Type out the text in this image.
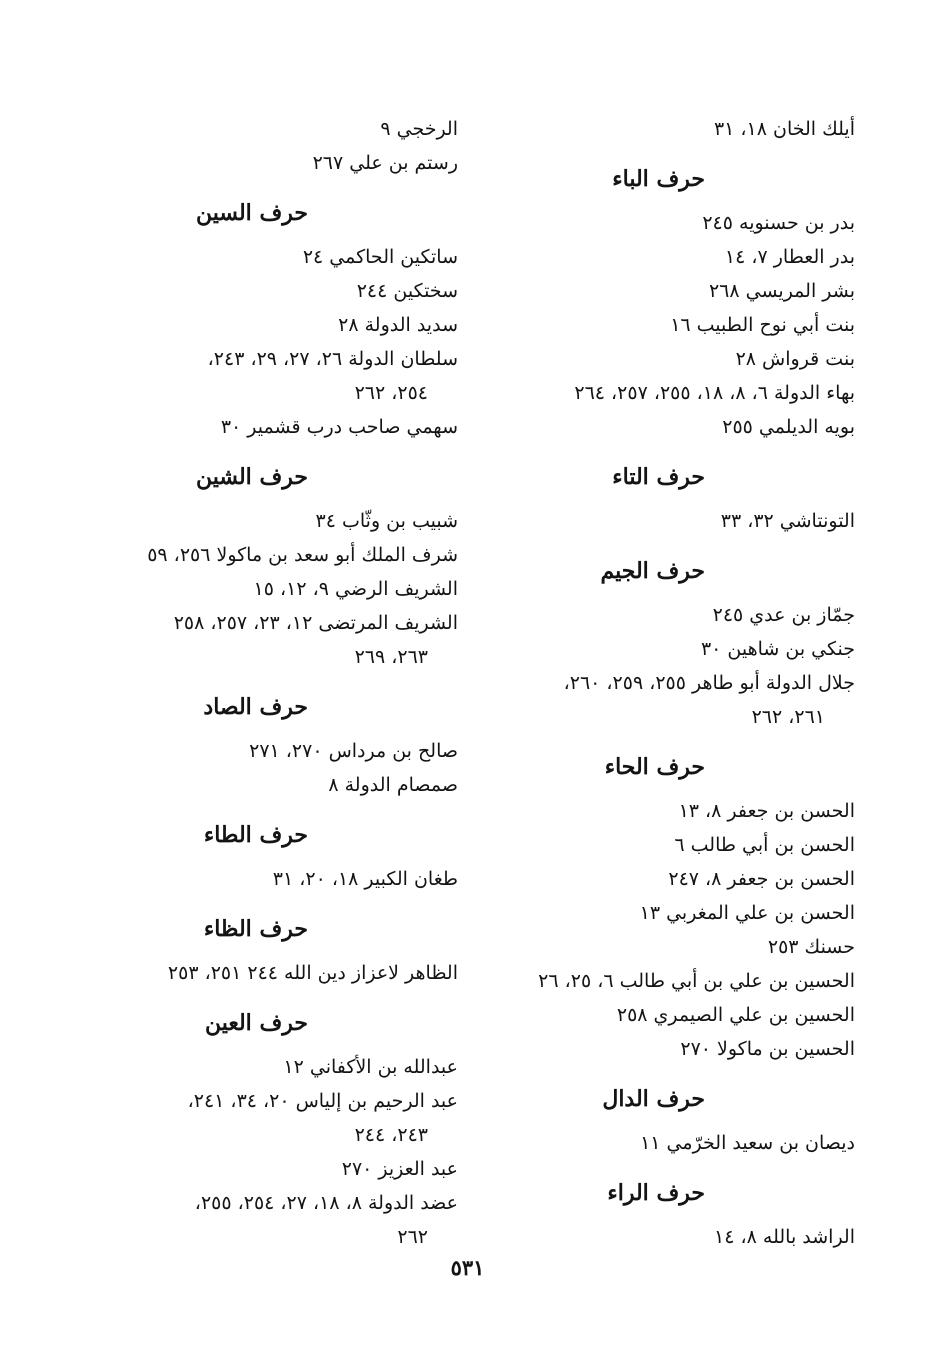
أيلك الخان ١٨، ٣١
حرف الباء
بدر بن حسنويه ٢٤٥
بدر العطار ٧، ١٤
بشر المريسي ٢٦٨
بنت أبي نوح الطبيب ١٦
بنت قرواش ٢٨
بهاء الدولة ٦، ٨، ١٨، ٢٥٥، ٢٥٧، ٢٦٤
بويه الديلمي ٢٥٥
حرف التاء
التونتاشي ٣٢، ٣٣
حرف الجيم
جمّاز بن عدي ٢٤٥
جنكي بن شاهين ٣٠
جلال الدولة أبو طاهر ٢٥٥، ٢٥٩، ٢٦٠،
٢٦١، ٢٦٢
حرف الحاء
الحسن بن جعفر ٨، ١٣
الحسن بن أبي طالب ٦
الحسن بن جعفر ٨، ٢٤٧
الحسن بن علي المغربي ١٣
حسنك ٢٥٣
الحسين بن علي بن أبي طالب ٦، ٢٥، ٢٦
الحسين بن علي الصيمري ٢٥٨
الحسين بن ماكولا ٢٧٠
حرف الدال
ديصان بن سعيد الخرّمي ١١
حرف الراء
الراشد بالله ٨، ١٤
الرخجي ٩
رستم بن علي ٢٦٧
حرف السين
ساتكين الحاكمي ٢٤
سختكين ٢٤٤
سديد الدولة ٢٨
سلطان الدولة ٢٦، ٢٧، ٢٩، ٢٤٣،
٢٥٤، ٢٦٢
سهمي صاحب درب قشمير ٣٠
حرف الشين
شبيب بن وثّاب ٣٤
شرف الملك أبو سعد بن ماكولا ٢٥٦، ٥٩
الشريف الرضي ٩، ١٢، ١٥
الشريف المرتضى ١٢، ٢٣، ٢٥٧، ٢٥٨
٢٦٣، ٢٦٩
حرف الصاد
صالح بن مرداس ٢٧٠، ٢٧١
صمصام الدولة ٨
حرف الطاء
طغان الكبير ١٨، ٢٠، ٣١
حرف الظاء
الظاهر لاعزاز دين الله ٢٤٤ ٢٥١، ٢٥٣
حرف العين
عبدالله بن الأكفاني ١٢
عبد الرحيم بن إلياس ٢٠، ٣٤، ٢٤١،
٢٤٣، ٢٤٤
عبد العزيز ٢٧٠
عضد الدولة ٨، ١٨، ٢٧، ٢٥٤، ٢٥٥،
٢٦٢
٥٣١
